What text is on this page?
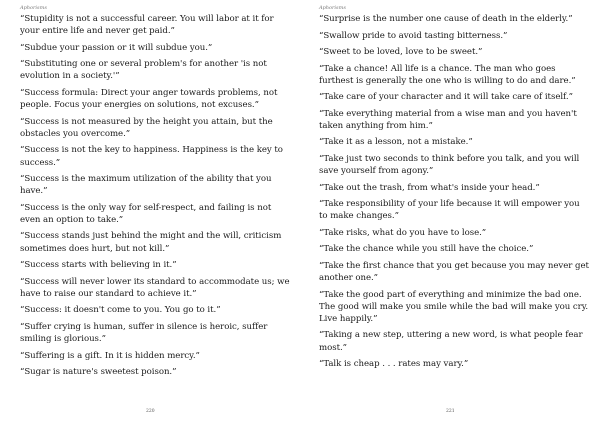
Aphorisms
“Stupidity is not a successful career. You will labor at it for your entire life and never get paid.”
“Subdue your passion or it will subdue you.”
“Substituting one or several problem's for another 'is not evolution in a society.'”
“Success formula: Direct your anger towards problems, not people. Focus your energies on solutions, not excuses.”
“Success is not measured by the height you attain, but the obstacles you overcome.”
“Success is not the key to happiness. Happiness is the key to success.”
“Success is the maximum utilization of the ability that you have.”
“Success is the only way for self-respect, and failing is not even an option to take.”
“Success stands just behind the might and the will, criticism sometimes does hurt, but not kill.”
“Success starts with believing in it.”
“Success will never lower its standard to accommodate us; we have to raise our standard to achieve it.”
“Success: it doesn't come to you. You go to it.”
“Suffer crying is human, suffer in silence is heroic, suffer smiling is glorious.”
“Suffering is a gift. In it is hidden mercy.”
“Sugar is nature's sweetest poison.”
220
Aphorisms
“Surprise is the number one cause of death in the elderly.”
“Swallow pride to avoid tasting bitterness.”
“Sweet to be loved, love to be sweet.”
“Take a chance! All life is a chance. The man who goes furthest is generally the one who is willing to do and dare.”
“Take care of your character and it will take care of itself.”
“Take everything material from a wise man and you haven't taken anything from him.”
“Take it as a lesson, not a mistake.”
“Take just two seconds to think before you talk, and you will save yourself from agony.”
“Take out the trash, from what's inside your head.”
“Take responsibility of your life because it will empower you to make changes.”
“Take risks, what do you have to lose.”
“Take the chance while you still have the choice.”
“Take the first chance that you get because you may never get another one.”
“Take the good part of everything and minimize the bad one. The good will make you smile while the bad will make you cry. Live happily.”
“Taking a new step, uttering a new word, is what people fear most.”
“Talk is cheap . . . rates may vary.”
221
